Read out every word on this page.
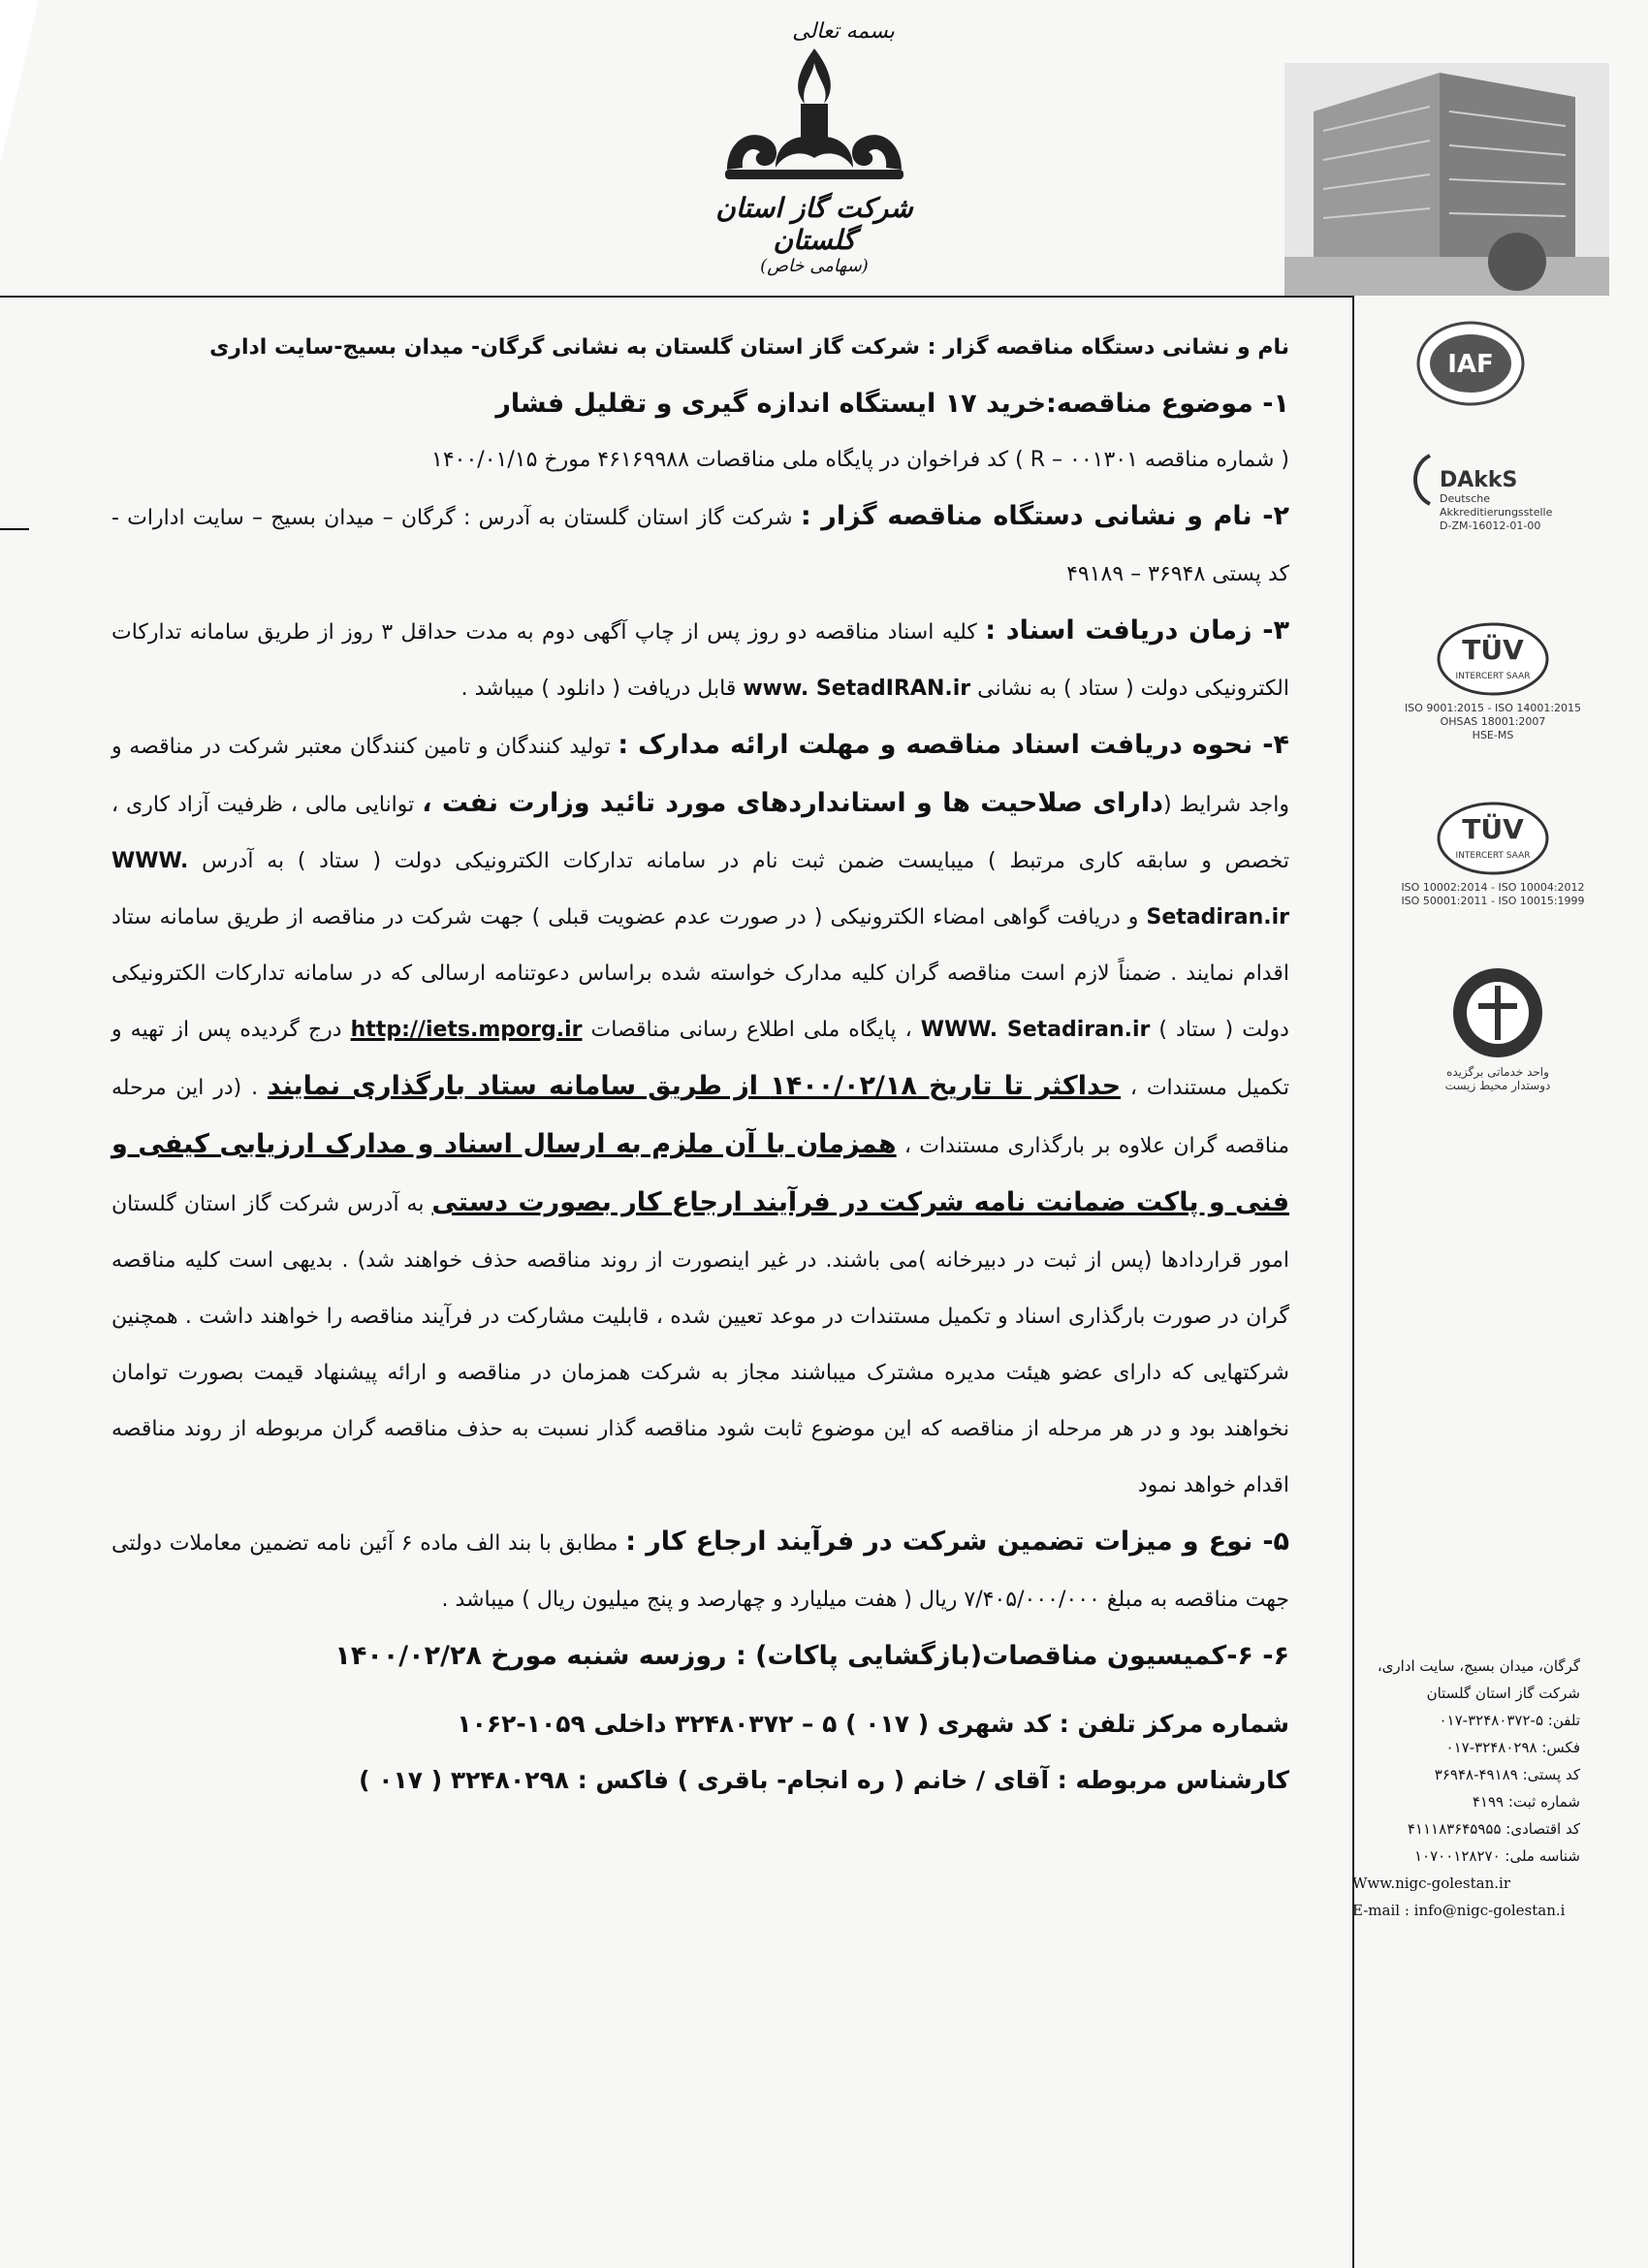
بسمه تعالی
شرکت گاز استان گلستان
(سهامی خاص)
IAF
DAkkS
Deutsche
Akkreditierungsstelle
D-ZM-16012-01-00
TÜV
INTERCERT SAAR
ISO 9001:2015 - ISO 14001:2015
OHSAS 18001:2007
HSE-MS
TÜV
INTERCERT SAAR
ISO 10002:2014 - ISO 10004:2012
ISO 50001:2011 - ISO 10015:1999
واحد خدماتی برگزیده
دوستدار محیط زیست
گرگان، میدان بسیج، سایت اداری،
شرکت گاز استان گلستان
تلفن: ۵-۳۲۴۸۰۳۷۲-۰۱۷
فکس: ۳۲۴۸۰۲۹۸-۰۱۷
کد پستی: ۴۹۱۸۹-۳۶۹۴۸
شماره ثبت: ۴۱۹۹
کد اقتصادی: ۴۱۱۱۸۳۶۴۵۹۵۵
شناسه ملی: ۱۰۷۰۰۱۲۸۲۷۰
Www.nigc-golestan.ir
E-mail : info@nigc-golestan.i

نام و نشانی دستگاه مناقصه گزار : شرکت گاز استان گلستان به نشانی گرگان- میدان بسیج-سایت اداری

۱- موضوع مناقصه:خرید ۱۷ ایستگاه اندازه گیری و تقلیل فشار

( شماره مناقصه R – ۰۰۱۳۰۱ ) کد فراخوان در پایگاه ملی مناقصات ۴۶۱۶۹۹۸۸ مورخ ۱۴۰۰/۰۱/۱۵

۲- نام و نشانی دستگاه مناقصه گزار : شرکت گاز استان گلستان به آدرس : گرگان – میدان بسیج – سایت ادارات - کد پستی ۳۶۹۴۸ – ۴۹۱۸۹

۳- زمان دریافت اسناد : کلیه اسناد مناقصه دو روز پس از چاپ آگهی دوم به مدت حداقل ۳ روز از طریق سامانه تدارکات الکترونیکی دولت ( ستاد ) به نشانی www. SetadIRAN.ir قابل دریافت ( دانلود ) میباشد .

۴- نحوه دریافت اسناد مناقصه و مهلت ارائه مدارک : تولید کنندگان و تامین کنندگان معتبر شرکت در مناقصه و واجد شرایط (دارای صلاحیت ها و استانداردهای مورد تائید وزارت نفت ، توانایی مالی ، ظرفیت آزاد کاری ، تخصص و سابقه کاری مرتبط ) میبایست ضمن ثبت نام در سامانه تدارکات الکترونیکی دولت ( ستاد ) به آدرس WWW. Setadiran.ir و دریافت گواهی امضاء الکترونیکی ( در صورت عدم عضویت قبلی ) جهت شرکت در مناقصه از طریق سامانه ستاد اقدام نمایند . ضمناً لازم است مناقصه گران کلیه مدارک خواسته شده براساس دعوتنامه ارسالی که در سامانه تدارکات الکترونیکی دولت ( ستاد ) WWW. Setadiran.ir ، پایگاه ملی اطلاع رسانی مناقصات http://iets.mporg.ir درج گردیده پس از تهیه و تکمیل مستندات ، حداکثر تا تاریخ ۱۴۰۰/۰۲/۱۸ از طریق سامانه ستاد بارگذاری نمایند . (در این مرحله مناقصه گران علاوه بر بارگذاری مستندات ، همزمان با آن ملزم به ارسال اسناد و مدارک ارزیابی کیفی و فنی و پاکت ضمانت نامه شرکت در فرآیند ارجاع کار بصورت دستی به آدرس شرکت گاز استان گلستان امور قراردادها (پس از ثبت در دبیرخانه )می باشند. در غیر اینصورت از روند مناقصه حذف خواهند شد) . بدیهی است کلیه مناقصه گران در صورت بارگذاری اسناد و تکمیل مستندات در موعد تعیین شده ، قابلیت مشارکت در فرآیند مناقصه را خواهند داشت . همچنین شرکتهایی که دارای عضو هیئت مدیره مشترک میباشند مجاز به شرکت همزمان در مناقصه و ارائه پیشنهاد قیمت بصورت توامان نخواهند بود و در هر مرحله از مناقصه که این موضوع ثابت شود مناقصه گذار نسبت به حذف مناقصه گران مربوطه از روند مناقصه اقدام خواهد نمود

۵- نوع و میزات تضمین شرکت در فرآیند ارجاع کار : مطابق با بند الف ماده ۶ آئین نامه تضمین معاملات دولتی جهت مناقصه به مبلغ ۷/۴۰۵/۰۰۰/۰۰۰ ریال ( هفت میلیارد و چهارصد و پنج میلیون ریال ) میباشد .

۶- ۶-کمیسیون مناقصات(بازگشایی پاکات) : روزسه شنبه مورخ ۱۴۰۰/۰۲/۲۸

شماره مرکز تلفن : کد شهری ( ۰۱۷ ) ۵ – ۳۲۴۸۰۳۷۲ داخلی ۱۰۵۹-۱۰۶۲

کارشناس مربوطه : آقای / خانم ( ره انجام- باقری ) فاکس : ۳۲۴۸۰۲۹۸ ( ۰۱۷ )
